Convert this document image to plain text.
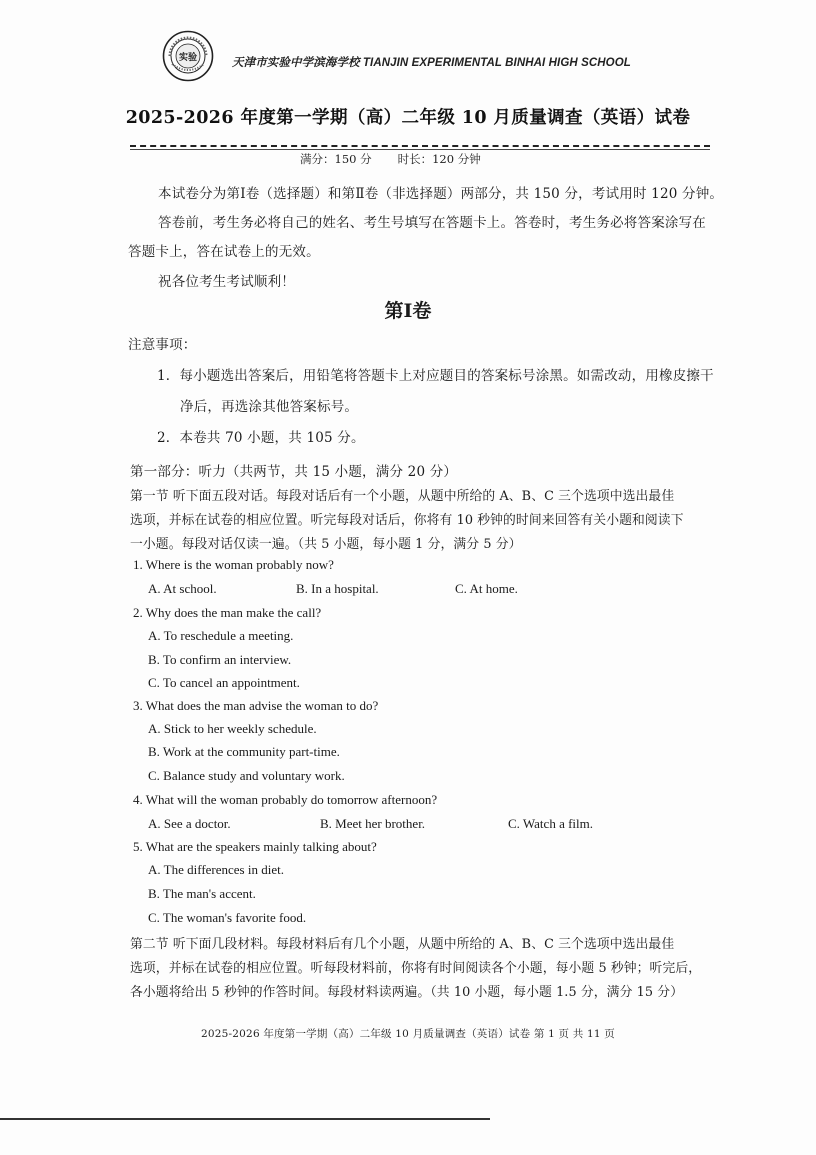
实验	天津市实验中学滨海学校 TIANJIN EXPERIMENTAL BINHAI HIGH SCHOOL
2025-2026 年度第一学期（高）二年级 10 月质量调查（英语）试卷
满分：150 分 时长：120 分钟
本试卷分为第Ⅰ卷（选择题）和第Ⅱ卷（非选择题）两部分，共 150 分，考试用时 120 分钟。
答卷前，考生务必将自己的姓名、考生号填写在答题卡上。答卷时，考生务必将答案涂写在
答题卡上，答在试卷上的无效。
祝各位考生考试顺利！
第Ⅰ卷
注意事项：
1．每小题选出答案后，用铅笔将答题卡上对应题目的答案标号涂黑。如需改动，用橡皮擦干
净后，再选涂其他答案标号。
2．本卷共 70 小题，共 105 分。
第一部分：听力（共两节，共 15 小题，满分 20 分）
第一节 听下面五段对话。每段对话后有一个小题，从题中所给的 A、B、C 三个选项中选出最佳
选项，并标在试卷的相应位置。听完每段对话后，你将有 10 秒钟的时间来回答有关小题和阅读下
一小题。每段对话仅读一遍。（共 5 小题，每小题 1 分，满分 5 分）
1. Where is the woman probably now?
A. At school.	B. In a hospital.	C. At home.
2. Why does the man make the call?
A. To reschedule a meeting.
B. To confirm an interview.
C. To cancel an appointment.
3. What does the man advise the woman to do?
A. Stick to her weekly schedule.
B. Work at the community part-time.
C. Balance study and voluntary work.
4. What will the woman probably do tomorrow afternoon?
A. See a doctor.	B. Meet her brother.	C. Watch a film.
5. What are the speakers mainly talking about?
A. The differences in diet.
B. The man's accent.
C. The woman's favorite food.
第二节 听下面几段材料。每段材料后有几个小题，从题中所给的 A、B、C 三个选项中选出最佳
选项，并标在试卷的相应位置。听每段材料前，你将有时间阅读各个小题，每小题 5 秒钟；听完后，
各小题将给出 5 秒钟的作答时间。每段材料读两遍。（共 10 小题，每小题 1.5 分，满分 15 分）
2025-2026 年度第一学期（高）二年级 10 月质量调查（英语）试卷 第 1 页 共 11 页
